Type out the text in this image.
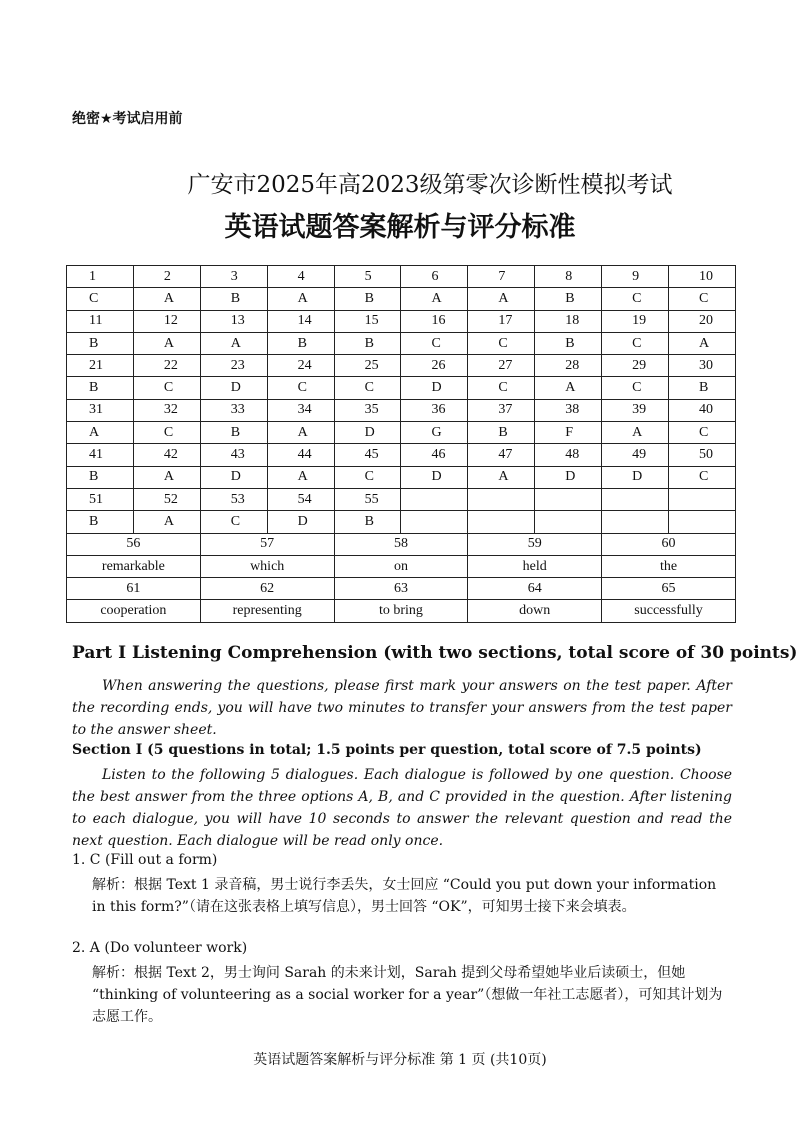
绝密★考试启用前
广安市2025年高2023级第零次诊断性模拟考试
英语试题答案解析与评分标准
1	2	3	4	5	6	7	8	9	10
C	A	B	A	B	A	A	B	C	C
11	12	13	14	15	16	17	18	19	20
B	A	A	B	B	C	C	B	C	A
21	22	23	24	25	26	27	28	29	30
B	C	D	C	C	D	C	A	C	B
31	32	33	34	35	36	37	38	39	40
A	C	B	A	D	G	B	F	A	C
41	42	43	44	45	46	47	48	49	50
B	A	D	A	C	D	A	D	D	C
51	52	53	54	55					
B	A	C	D	B					
56		57		58		59		60	
remarkable		which		on		held		the	
61		62		63		64		65	
cooperation		representing		to bring		down		successfully	
Part I Listening Comprehension (with two sections, total score of 30 points)
When answering the questions, please first mark your answers on the test paper. After the recording ends, you will have two minutes to transfer your answers from the test paper to the answer sheet.
Section I (5 questions in total; 1.5 points per question, total score of 7.5 points)
Listen to the following 5 dialogues. Each dialogue is followed by one question. Choose the best answer from the three options A, B, and C provided in the question. After listening to each dialogue, you will have 10 seconds to answer the relevant question and read the next question. Each dialogue will be read only once.
1. C (Fill out a form)
解析：根据 Text 1 录音稿，男士说行李丢失，女士回应 “Could you put down your information in this form?”（请在这张表格上填写信息），男士回答 “OK”，可知男士接下来会填表。
2. A (Do volunteer work)
解析：根据 Text 2，男士询问 Sarah 的未来计划，Sarah 提到父母希望她毕业后读硕士，但她 “thinking of volunteering as a social worker for a year”（想做一年社工志愿者），可知其计划为志愿工作。
英语试题答案解析与评分标准 第 1 页 (共10页)
